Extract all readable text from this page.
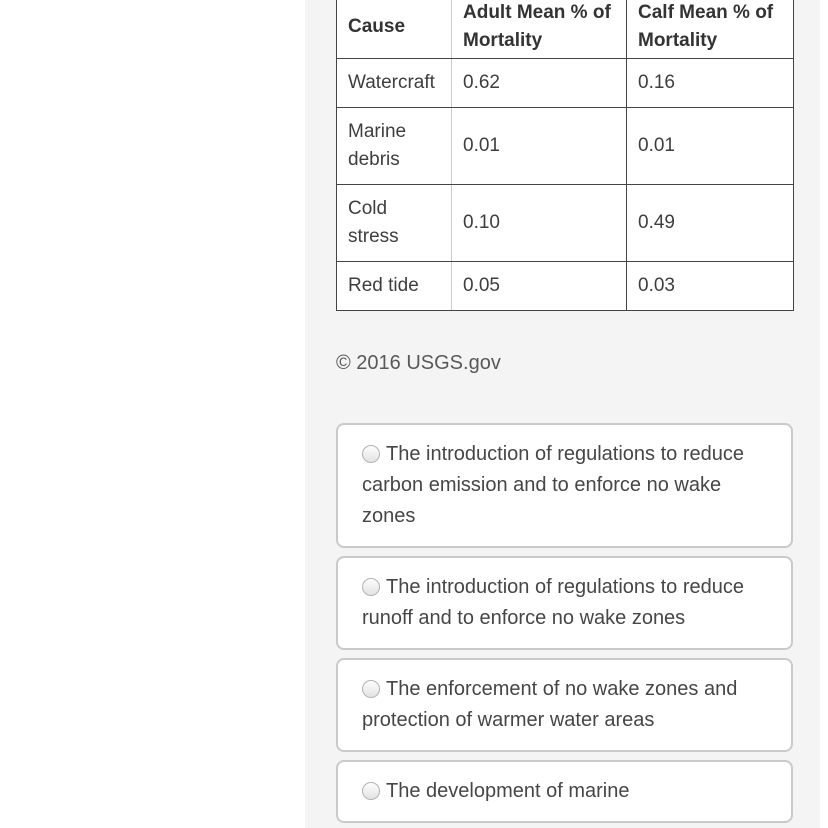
Cause	Adult Mean % of Mortality	Calf Mean % of Mortality
Watercraft	0.62	0.16
Marine debris	0.01	0.01
Cold stress	0.10	0.49
Red tide	0.05	0.03
© 2016 USGS.gov
The introduction of regulations to reduce carbon emission and to enforce no wake zones
The introduction of regulations to reduce runoff and to enforce no wake zones
The enforcement of no wake zones and protection of warmer water areas
The development of marine
